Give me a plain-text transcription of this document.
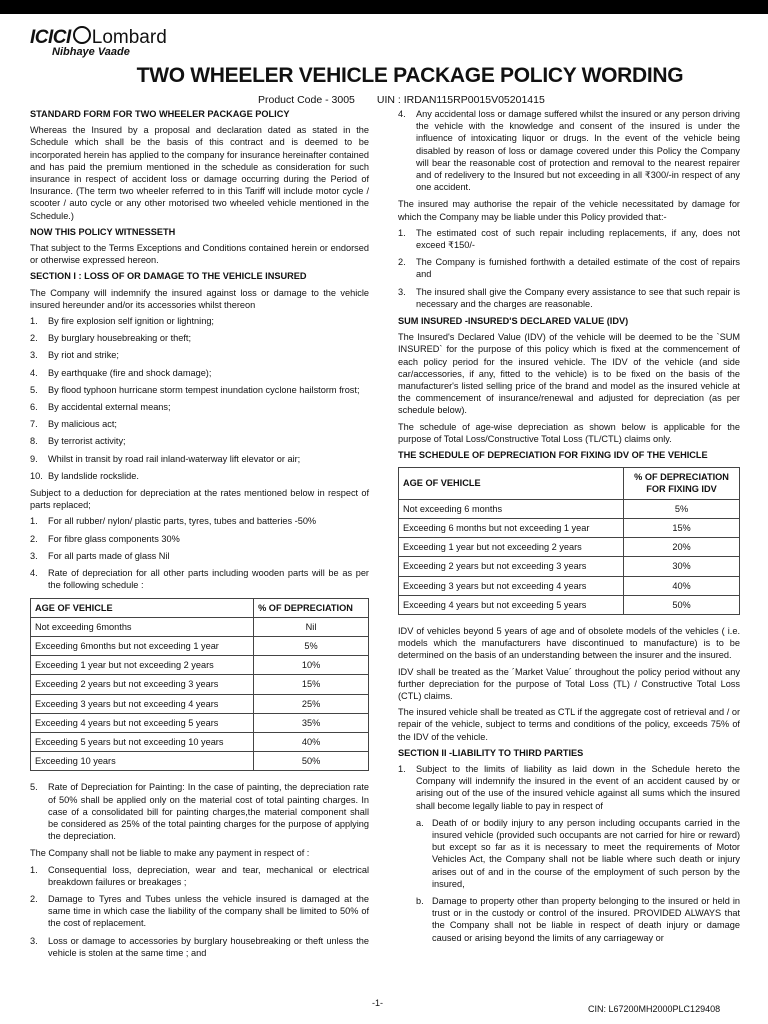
ICICI Lombard
Nibhaye Vaade
TWO WHEELER VEHICLE PACKAGE POLICY WORDING
Product Code - 3005 UIN : IRDAN115RP0015V05201415
STANDARD FORM FOR TWO WHEELER PACKAGE POLICY

Whereas the Insured by a proposal and declaration dated as stated in the Schedule which shall be the basis of this contract and is deemed to be incorporated herein has applied to the company for insurance hereinafter contained and has paid the premium mentioned in the schedule as consideration for such insurance in respect of accident loss or damage occurring during the Period of Insurance. (The term two wheeler referred to in this Tariff will include motor cycle / scooter / auto cycle or any other motorised two wheeled vehicle mentioned in the Schedule.)

NOW THIS POLICY WITNESSETH

That subject to the Terms Exceptions and Conditions contained herein or endorsed or otherwise expressed hereon.

SECTION I : LOSS OF OR DAMAGE TO THE VEHICLE INSURED

The Company will indemnify the insured against loss or damage to the vehicle insured hereunder and/or its accessories whilst thereon

1. By fire explosion self ignition or lightning;
2. By burglary housebreaking or theft;
3. By riot and strike;
4. By earthquake (fire and shock damage);
5. By flood typhoon hurricane storm tempest inundation cyclone hailstorm frost;
6. By accidental external means;
7. By malicious act;
8. By terrorist activity;
9. Whilst in transit by road rail inland-waterway lift elevator or air;
10. By landslide rockslide.

Subject to a deduction for depreciation at the rates mentioned below in respect of parts replaced;

1. For all rubber/ nylon/ plastic parts, tyres, tubes and batteries -50%
2. For fibre glass components 30%
3. For all parts made of glass Nil
4. Rate of depreciation for all other parts including wooden parts will be as per the following schedule :
AGE OF VEHICLE	% OF DEPRECIATION
Not exceeding 6months	Nil
Exceeding 6months but not exceeding 1 year	5%
Exceeding 1 year but not exceeding 2 years	10%
Exceeding 2 years but not exceeding 3 years	15%
Exceeding 3 years but not exceeding 4 years	25%
Exceeding 4 years but not exceeding 5 years	35%
Exceeding 5 years but not exceeding 10 years	40%
Exceeding 10 years	50%
5. Rate of Depreciation for Painting: In the case of painting, the depreciation rate of 50% shall be applied only on the material cost of total painting charges. In case of a consolidated bill for painting charges,the material component shall be considered as 25% of the total painting charges for the purpose of applying the depreciation.

The Company shall not be liable to make any payment in respect of :

1. Consequential loss, depreciation, wear and tear, mechanical or electrical breakdown failures or breakages ;
2. Damage to Tyres and Tubes unless the vehicle insured is damaged at the same time in which case the liability of the company shall be limited to 50% of the cost of replacement.
3. Loss or damage to accessories by burglary housebreaking or theft unless the vehicle is stolen at the same time ; and
4. Any accidental loss or damage suffered whilst the insured or any person driving the vehicle with the knowledge and consent of the insured is under the influence of intoxicating liquor or drugs. In the event of the vehicle being disabled by reason of loss or damage covered under this Policy the Company will bear the reasonable cost of protection and removal to the nearest repairer and of redelivery to the Insured but not exceeding in all ₹300/-in respect of any one accident.

The insured may authorise the repair of the vehicle necessitated by damage for which the Company may be liable under this Policy provided that:-

1. The estimated cost of such repair including replacements, if any, does not exceed ₹150/-
2. The Company is furnished forthwith a detailed estimate of the cost of repairs and
3. The insured shall give the Company every assistance to see that such repair is necessary and the charges are reasonable.
SUM INSURED -INSURED'S DECLARED VALUE (IDV)

The Insured's Declared Value (IDV) of the vehicle will be deemed to be the `SUM INSURED` for the purpose of this policy which is fixed at the commencement of each policy period for the insured vehicle. The IDV of the vehicle (and side car/accessories, if any, fitted to the vehicle) is to be fixed on the basis of the manufacturer's listed selling price of the brand and model as the insured vehicle at the commencement of insurance/renewal and adjusted for depreciation (as per schedule below).

The schedule of age-wise depreciation as shown below is applicable for the purpose of Total Loss/Constructive Total Loss (TL/CTL) claims only.

THE SCHEDULE OF DEPRECIATION FOR FIXING IDV OF THE VEHICLE
AGE OF VEHICLE	% OF DEPRECIATION FOR FIXING IDV
Not exceeding 6 months	5%
Exceeding 6 months but not exceeding 1 year	15%
Exceeding 1 year but not exceeding 2 years	20%
Exceeding 2 years but not exceeding 3 years	30%
Exceeding 3 years but not exceeding 4 years	40%
Exceeding 4 years but not exceeding 5 years	50%

IDV of vehicles beyond 5 years of age and of obsolete models of the vehicles ( i.e. models which the manufacturers have discontinued to manufacture) is to be determined on the basis of an understanding between the insurer and the insured.

IDV shall be treated as the ´Market Value´ throughout the policy period without any further depreciation for the purpose of Total Loss (TL) / Constructive Total Loss (CTL) claims.

The insured vehicle shall be treated as CTL if the aggregate cost of retrieval and / or repair of the vehicle, subject to terms and conditions of the policy, exceeds 75% of the IDV of the vehicle.

SECTION II -LIABILITY TO THIRD PARTIES
1. Subject to the limits of liability as laid down in the Schedule hereto the Company will indemnify the insured in the event of an accident caused by or arising out of the use of the insured vehicle against all sums which the insured shall become legally liable to pay in respect of
a. Death of or bodily injury to any person including occupants carried in the insured vehicle (provided such occupants are not carried for hire or reward) but except so far as it is necessary to meet the requirements of Motor Vehicles Act, the Company shall not be liable where such death or injury arises out of and in the course of the employment of such person by the insured,
b. Damage to property other than property belonging to the insured or held in trust or in the custody or control of the insured. PROVIDED ALWAYS that the Company shall not be liable in respect of death injury or damage caused or arising beyond the limits of any carriageway or
-1-
CIN: L67200MH2000PLC129408
